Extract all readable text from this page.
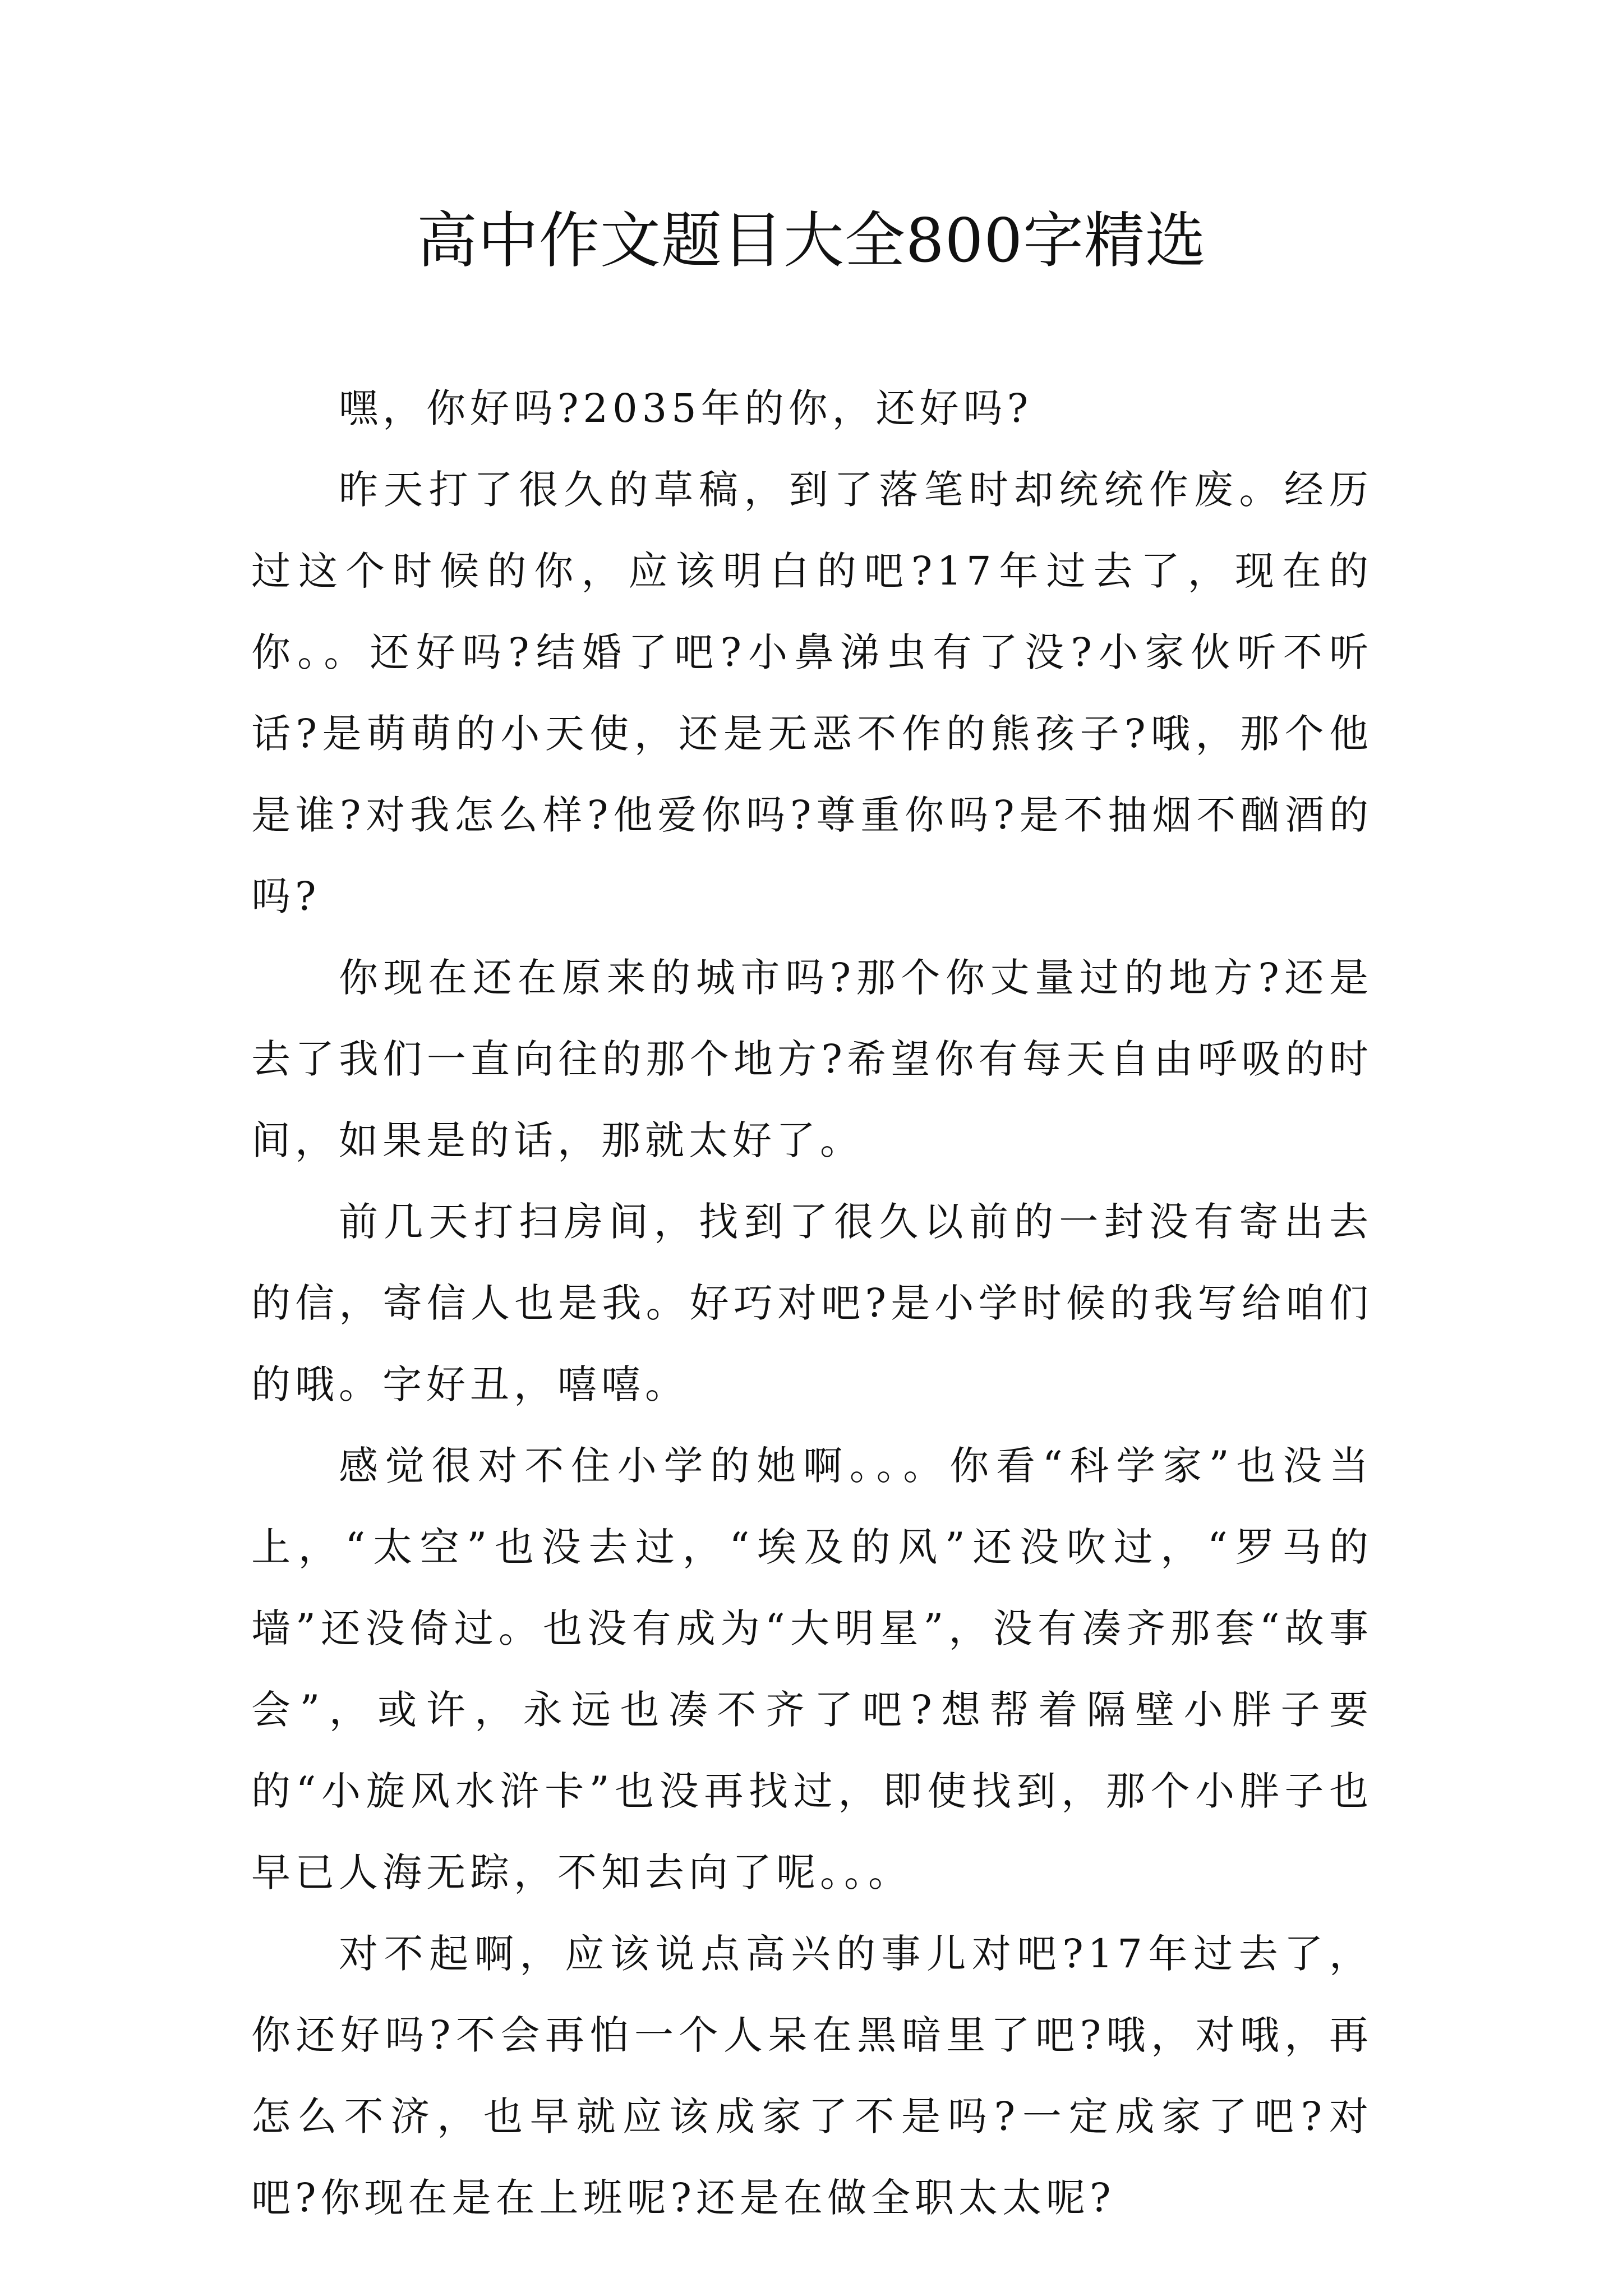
高中作文题目大全800字精选

嘿，你好吗?2035年的你，还好吗?

昨天打了很久的草稿，到了落笔时却统统作废。经历过这个时候的你，应该明白的吧?17年过去了，现在的你。。还好吗?结婚了吧?小鼻涕虫有了没?小家伙听不听话?是萌萌的小天使，还是无恶不作的熊孩子?哦，那个他是谁?对我怎么样?他爱你吗?尊重你吗?是不抽烟不酗酒的吗?

你现在还在原来的城市吗?那个你丈量过的地方?还是去了我们一直向往的那个地方?希望你有每天自由呼吸的时间，如果是的话，那就太好了。

前几天打扫房间，找到了很久以前的一封没有寄出去的信，寄信人也是我。好巧对吧?是小学时候的我写给咱们的哦。字好丑，嘻嘻。

感觉很对不住小学的她啊。。。你看“科学家”也没当上，“太空”也没去过，“埃及的风”还没吹过，“罗马的墙”还没倚过。也没有成为“大明星”，没有凑齐那套“故事会”，或许，永远也凑不齐了吧?想帮着隔壁小胖子要的“小旋风水浒卡”也没再找过，即使找到，那个小胖子也早已人海无踪，不知去向了呢。。。

对不起啊，应该说点高兴的事儿对吧?17年过去了，你还好吗?不会再怕一个人呆在黑暗里了吧?哦，对哦，再怎么不济，也早就应该成家了不是吗?一定成家了吧?对吧?你现在是在上班呢?还是在做全职太太呢?
